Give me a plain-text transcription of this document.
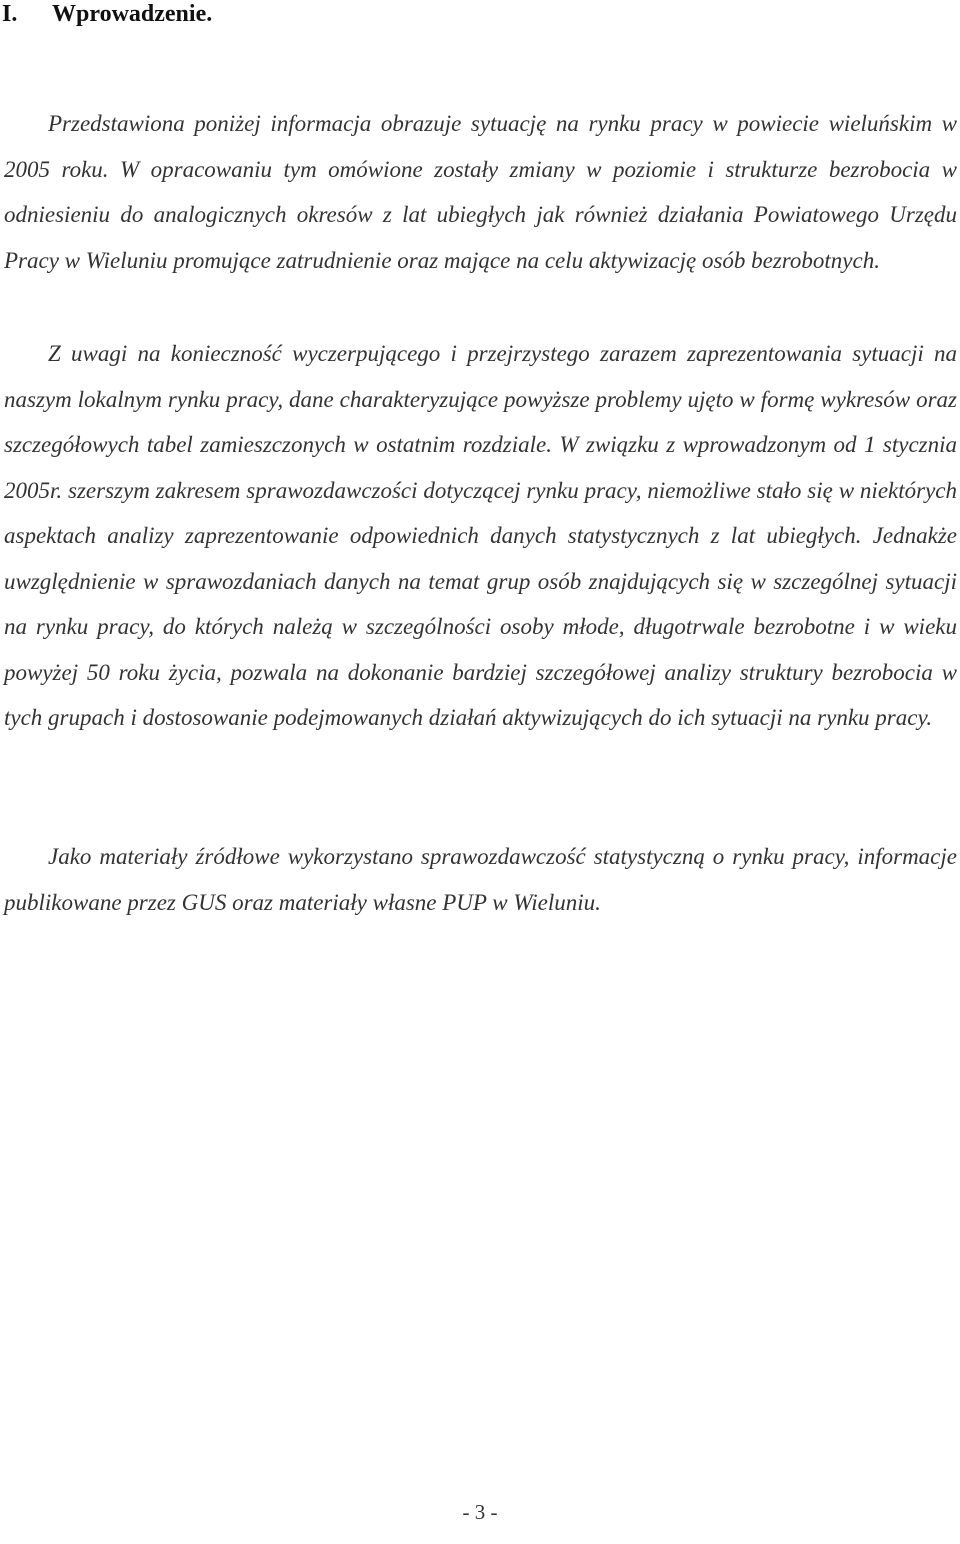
I. Wprowadzenie.

Przedstawiona poniżej informacja obrazuje sytuację na rynku pracy w powiecie wieluńskim w 2005 roku. W opracowaniu tym omówione zostały zmiany w poziomie i strukturze bezrobocia w odniesieniu do analogicznych okresów z lat ubiegłych jak również działania Powiatowego Urzędu Pracy w Wieluniu promujące zatrudnienie oraz mające na celu aktywizację osób bezrobotnych.

Z uwagi na konieczność wyczerpującego i przejrzystego zarazem zaprezentowania sytuacji na naszym lokalnym rynku pracy, dane charakteryzujące powyższe problemy ujęto w formę wykresów oraz szczegółowych tabel zamieszczonych w ostatnim rozdziale. W związku z wprowadzonym od 1 stycznia 2005r. szerszym zakresem sprawozdawczości dotyczącej rynku pracy, niemożliwe stało się w niektórych aspektach analizy zaprezentowanie odpowiednich danych statystycznych z lat ubiegłych. Jednakże uwzględnienie w sprawozdaniach danych na temat grup osób znajdujących się w szczególnej sytuacji na rynku pracy, do których należą w szczególności osoby młode, długotrwale bezrobotne i w wieku powyżej 50 roku życia, pozwala na dokonanie bardziej szczegółowej analizy struktury bezrobocia w tych grupach i dostosowanie podejmowanych działań aktywizujących do ich sytuacji na rynku pracy.

Jako materiały źródłowe wykorzystano sprawozdawczość statystyczną o rynku pracy, informacje publikowane przez GUS oraz materiały własne PUP w Wieluniu.

- 3 -
